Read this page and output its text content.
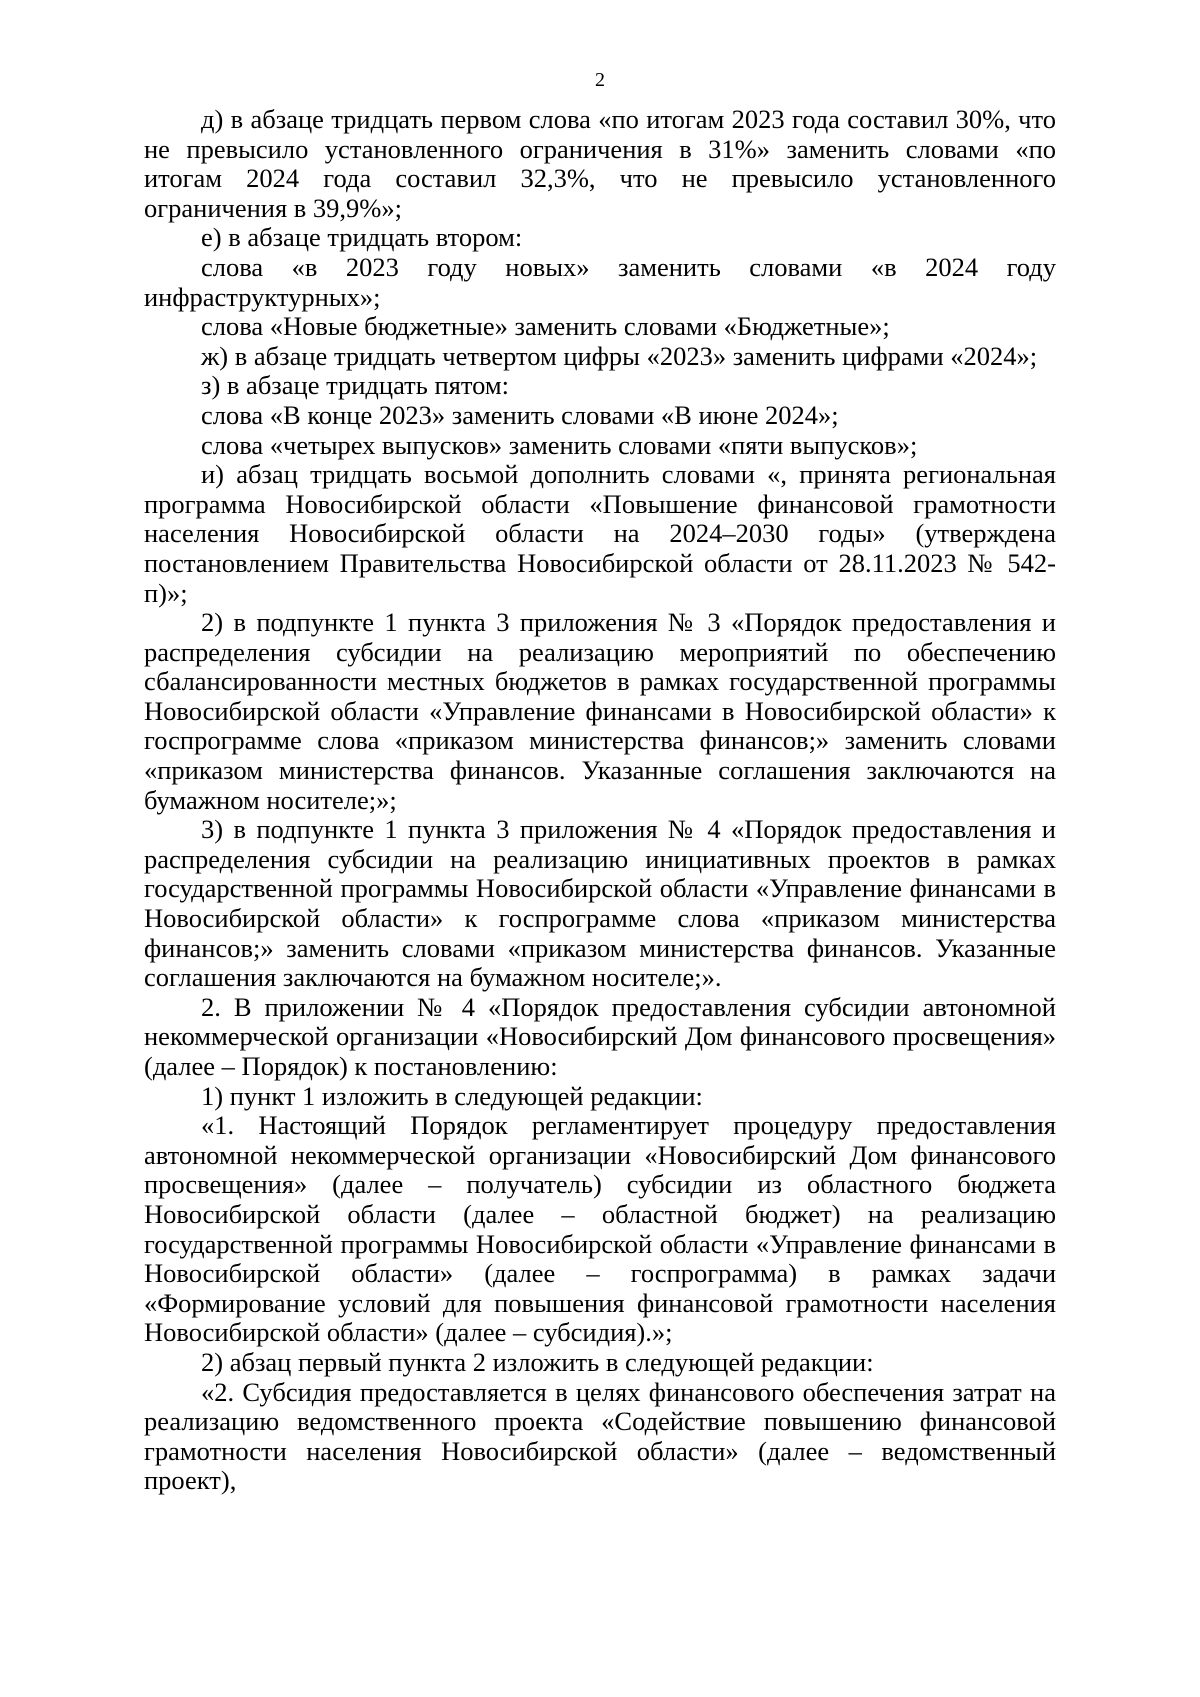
2

д) в абзаце тридцать первом слова «по итогам 2023 года составил 30%, что не превысило установленного ограничения в 31%» заменить словами «по итогам 2024 года составил 32,3%, что не превысило установленного ограничения в 39,9%»;

е) в абзаце тридцать втором:

слова «в 2023 году новых» заменить словами «в 2024 году инфраструктурных»;

слова «Новые бюджетные» заменить словами «Бюджетные»;

ж) в абзаце тридцать четвертом цифры «2023» заменить цифрами «2024»;

з) в абзаце тридцать пятом:

слова «В конце 2023» заменить словами «В июне 2024»;

слова «четырех выпусков» заменить словами «пяти выпусков»;

и) абзац тридцать восьмой дополнить словами «, принята региональная программа Новосибирской области «Повышение финансовой грамотности населения Новосибирской области на 2024–2030 годы» (утверждена постановлением Правительства Новосибирской области от 28.11.2023 № 542-п)»;

2) в подпункте 1 пункта 3 приложения № 3 «Порядок предоставления и распределения субсидии на реализацию мероприятий по обеспечению сбалансированности местных бюджетов в рамках государственной программы Новосибирской области «Управление финансами в Новосибирской области» к госпрограмме слова «приказом министерства финансов;» заменить словами «приказом министерства финансов. Указанные соглашения заключаются на бумажном носителе;»;

3) в подпункте 1 пункта 3 приложения № 4 «Порядок предоставления и распределения субсидии на реализацию инициативных проектов в рамках государственной программы Новосибирской области «Управление финансами в Новосибирской области» к госпрограмме слова «приказом министерства финансов;» заменить словами «приказом министерства финансов. Указанные соглашения заключаются на бумажном носителе;».

2. В приложении № 4 «Порядок предоставления субсидии автономной некоммерческой организации «Новосибирский Дом финансового просвещения» (далее – Порядок) к постановлению:

1) пункт 1 изложить в следующей редакции:

«1. Настоящий Порядок регламентирует процедуру предоставления автономной некоммерческой организации «Новосибирский Дом финансового просвещения» (далее – получатель) субсидии из областного бюджета Новосибирской области (далее – областной бюджет) на реализацию государственной программы Новосибирской области «Управление финансами в Новосибирской области» (далее – госпрограмма) в рамках задачи «Формирование условий для повышения финансовой грамотности населения Новосибирской области» (далее – субсидия).»;

2) абзац первый пункта 2 изложить в следующей редакции:

«2. Субсидия предоставляется в целях финансового обеспечения затрат на реализацию ведомственного проекта «Содействие повышению финансовой грамотности населения Новосибирской области» (далее – ведомственный проект),
